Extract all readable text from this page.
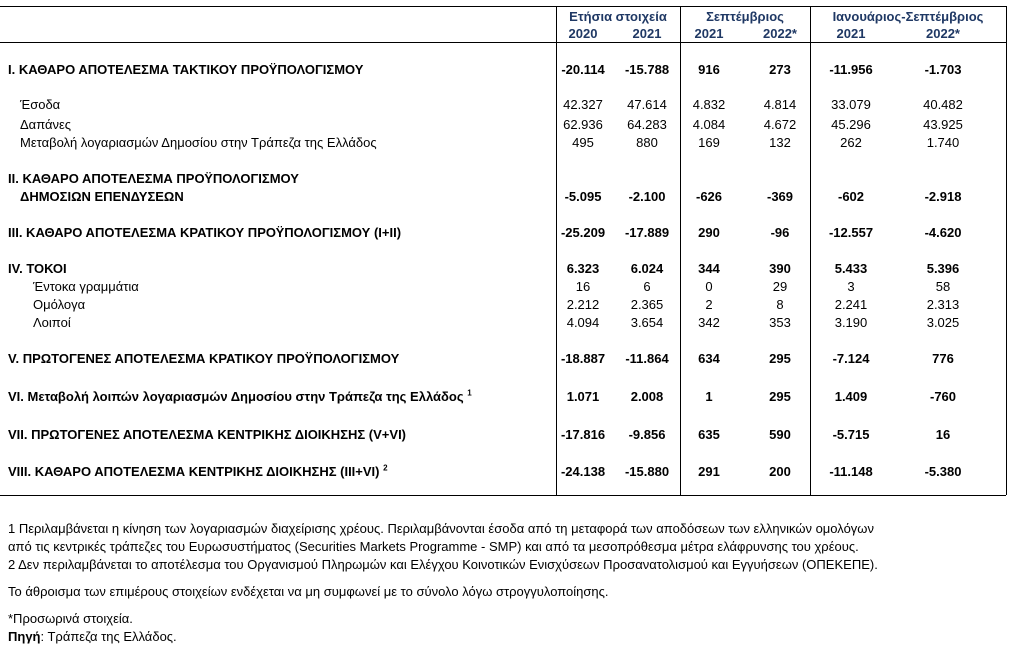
Ετήσια στοιχεία	Σεπτέμβριος	Ιανουάριος-Σεπτέμβριος
2020	2021	2021	2022*	2021	2022*
I. ΚΑΘΑΡΟ ΑΠΟΤΕΛΕΣΜΑ ΤΑΚΤΙΚΟΥ ΠΡΟΫΠΟΛΟΓΙΣΜΟΥ	-20.114	-15.788	916	273	-11.956	-1.703
Έσοδα	42.327	47.614	4.832	4.814	33.079	40.482
Δαπάνες	62.936	64.283	4.084	4.672	45.296	43.925
Μεταβολή λογαριασμών Δημοσίου στην Τράπεζα της Ελλάδος	495	880	169	132	262	1.740
II. ΚΑΘΑΡΟ ΑΠΟΤΕΛΕΣΜΑ ΠΡΟΫΠΟΛΟΓΙΣΜΟΥ
ΔΗΜΟΣΙΩΝ ΕΠΕΝΔΥΣΕΩΝ	-5.095	-2.100	-626	-369	-602	-2.918
III. ΚΑΘΑΡΟ ΑΠΟΤΕΛΕΣΜΑ ΚΡΑΤΙΚΟΥ ΠΡΟΫΠΟΛΟΓΙΣΜΟΥ (I+II)	-25.209	-17.889	290	-96	-12.557	-4.620
IV. ΤΟΚΟΙ	6.323	6.024	344	390	5.433	5.396
Έντοκα γραμμάτια	16	6	0	29	3	58
Ομόλογα	2.212	2.365	2	8	2.241	2.313
Λοιποί	4.094	3.654	342	353	3.190	3.025
V. ΠΡΩΤΟΓΕΝΕΣ ΑΠΟΤΕΛΕΣΜΑ ΚΡΑΤΙΚΟΥ ΠΡΟΫΠΟΛΟΓΙΣΜΟΥ	-18.887	-11.864	634	295	-7.124	776
VI. Μεταβολή λοιπών λογαριασμών Δημοσίου στην Τράπεζα της Ελλάδος $^1$	1.071	2.008	1	295	1.409	-760
VII. ΠΡΩΤΟΓΕΝΕΣ ΑΠΟΤΕΛΕΣΜΑ ΚΕΝΤΡΙΚΗΣ ΔΙΟΙΚΗΣΗΣ (V+VI)	-17.816	-9.856	635	590	-5.715	16
VIII. ΚΑΘΑΡΟ ΑΠΟΤΕΛΕΣΜΑ ΚΕΝΤΡΙΚΗΣ ΔΙΟΙΚΗΣΗΣ (III+VI) $^2$	-24.138	-15.880	291	200	-11.148	-5.380
1 Περιλαμβάνεται η κίνηση των λογαριασμών διαχείρισης χρέους. Περιλαμβάνονται έσοδα από τη μεταφορά των αποδόσεων των ελληνικών ομολόγων
από τις κεντρικές τράπεζες του Ευρωσυστήματος (Securities Markets Programme - SMP) και από τα μεσοπρόθεσμα μέτρα ελάφρυνσης του χρέους.
2 Δεν περιλαμβάνεται το αποτέλεσμα του Οργανισμού Πληρωμών και Ελέγχου Κοινοτικών Ενισχύσεων Προσανατολισμού και Εγγυήσεων (ΟΠΕΚΕΠΕ).
Το άθροισμα των επιμέρους στοιχείων ενδέχεται να μη συμφωνεί με το σύνολο λόγω στρογγυλοποίησης.
*Προσωρινά στοιχεία.
Πηγή: Τράπεζα της Ελλάδος.
